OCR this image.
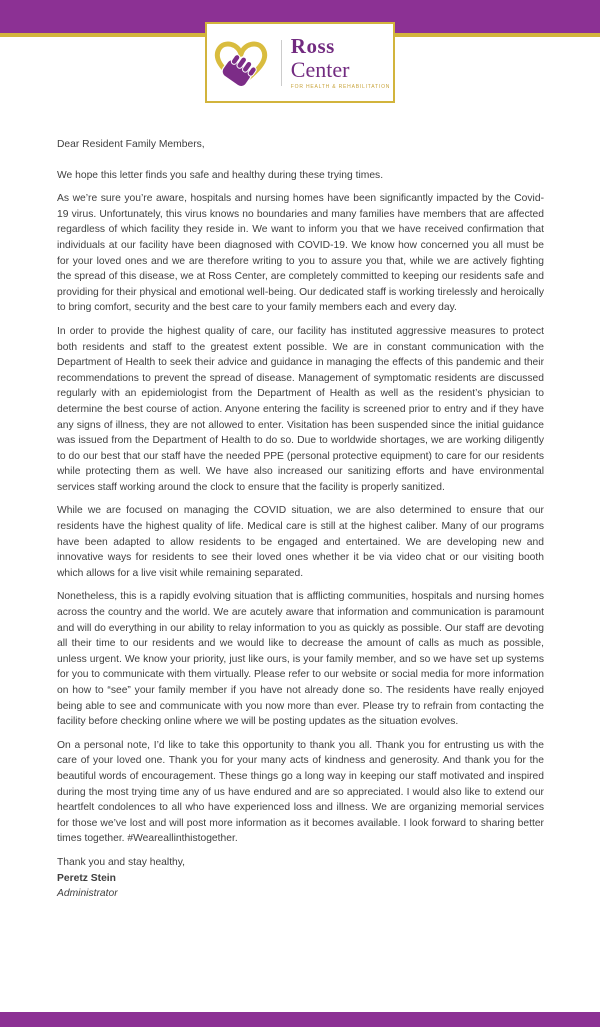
Ross
Center
FOR HEALTH & REHABILITATION

Dear Resident Family Members,

We hope this letter finds you safe and healthy during these trying times.

As we’re sure you’re aware, hospitals and nursing homes have been significantly impacted by the Covid-19 virus. Unfortunately, this virus knows no boundaries and many families have members that are affected regardless of which facility they reside in. We want to inform you that we have received confirmation that individuals at our facility have been diagnosed with COVID-19. We know how concerned you all must be for your loved ones and we are therefore writing to you to assure you that, while we are actively fighting the spread of this disease, we at Ross Center, are completely committed to keeping our residents safe and providing for their physical and emotional well-being. Our dedicated staff is working tirelessly and heroically to bring comfort, security and the best care to your family members each and every day.

In order to provide the highest quality of care, our facility has instituted aggressive measures to protect both residents and staff to the greatest extent possible. We are in constant communication with the Department of Health to seek their advice and guidance in managing the effects of this pandemic and their recommendations to prevent the spread of disease. Management of symptomatic residents are discussed regularly with an epidemiologist from the Department of Health as well as the resident’s physician to determine the best course of action. Anyone entering the facility is screened prior to entry and if they have any signs of illness, they are not allowed to enter. Visitation has been suspended since the initial guidance was issued from the Department of Health to do so. Due to worldwide shortages, we are working diligently to do our best that our staff have the needed PPE (personal protective equipment) to care for our residents while protecting them as well. We have also increased our sanitizing efforts and have environmental services staff working around the clock to ensure that the facility is properly sanitized.

While we are focused on managing the COVID situation, we are also determined to ensure that our residents have the highest quality of life. Medical care is still at the highest caliber. Many of our programs have been adapted to allow residents to be engaged and entertained. We are developing new and innovative ways for residents to see their loved ones whether it be via video chat or our visiting booth which allows for a live visit while remaining separated.

Nonetheless, this is a rapidly evolving situation that is afflicting communities, hospitals and nursing homes across the country and the world. We are acutely aware that information and communication is paramount and will do everything in our ability to relay information to you as quickly as possible. Our staff are devoting all their time to our residents and we would like to decrease the amount of calls as much as possible, unless urgent. We know your priority, just like ours, is your family member, and so we have set up systems for you to communicate with them virtually. Please refer to our website or social media for more information on how to “see” your family member if you have not already done so. The residents have really enjoyed being able to see and communicate with you now more than ever. Please try to refrain from contacting the facility before checking online where we will be posting updates as the situation evolves.

On a personal note, I’d like to take this opportunity to thank you all. Thank you for entrusting us with the care of your loved one. Thank you for your many acts of kindness and generosity. And thank you for the beautiful words of encouragement. These things go a long way in keeping our staff motivated and inspired during the most trying time any of us have endured and are so appreciated. I would also like to extend our heartfelt condolences to all who have experienced loss and illness. We are organizing memorial services for those we’ve lost and will post more information as it becomes available. I look forward to sharing better times together. #Weareallinthistogether.

Thank you and stay healthy,

Peretz Stein

Administrator
